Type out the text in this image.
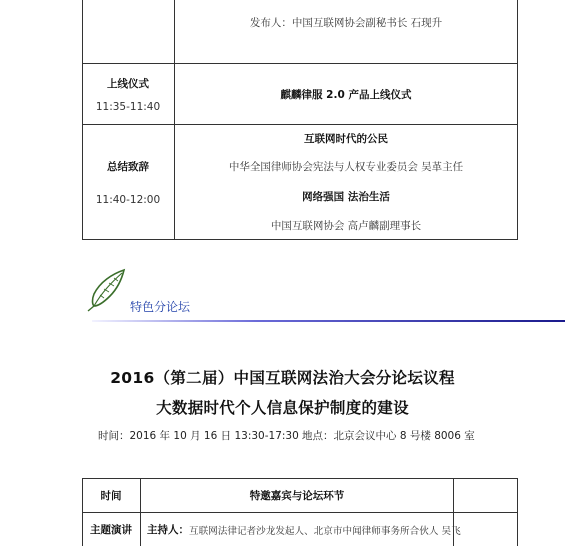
发布人：中国互联网协会副秘书长 石现升
上线仪式
11:35-11:40
麒麟律服 2.0 产品上线仪式
总结致辞
11:40-12:00
互联网时代的公民
中华全国律师协会宪法与人权专业委员会 吴革主任
网络强国 法治生活
中国互联网协会 高卢麟副理事长
特色分论坛
2016（第二届）中国互联网法治大会分论坛议程
大数据时代个人信息保护制度的建设
时间：2016 年 10 月 16 日 13:30-17:30 地点：北京会议中心 8 号楼 8006 室
时间	特邀嘉宾与论坛环节
主题演讲 主持人： 互联网法律记者沙龙发起人、北京市中闻律师事务所合伙人 吴飞
